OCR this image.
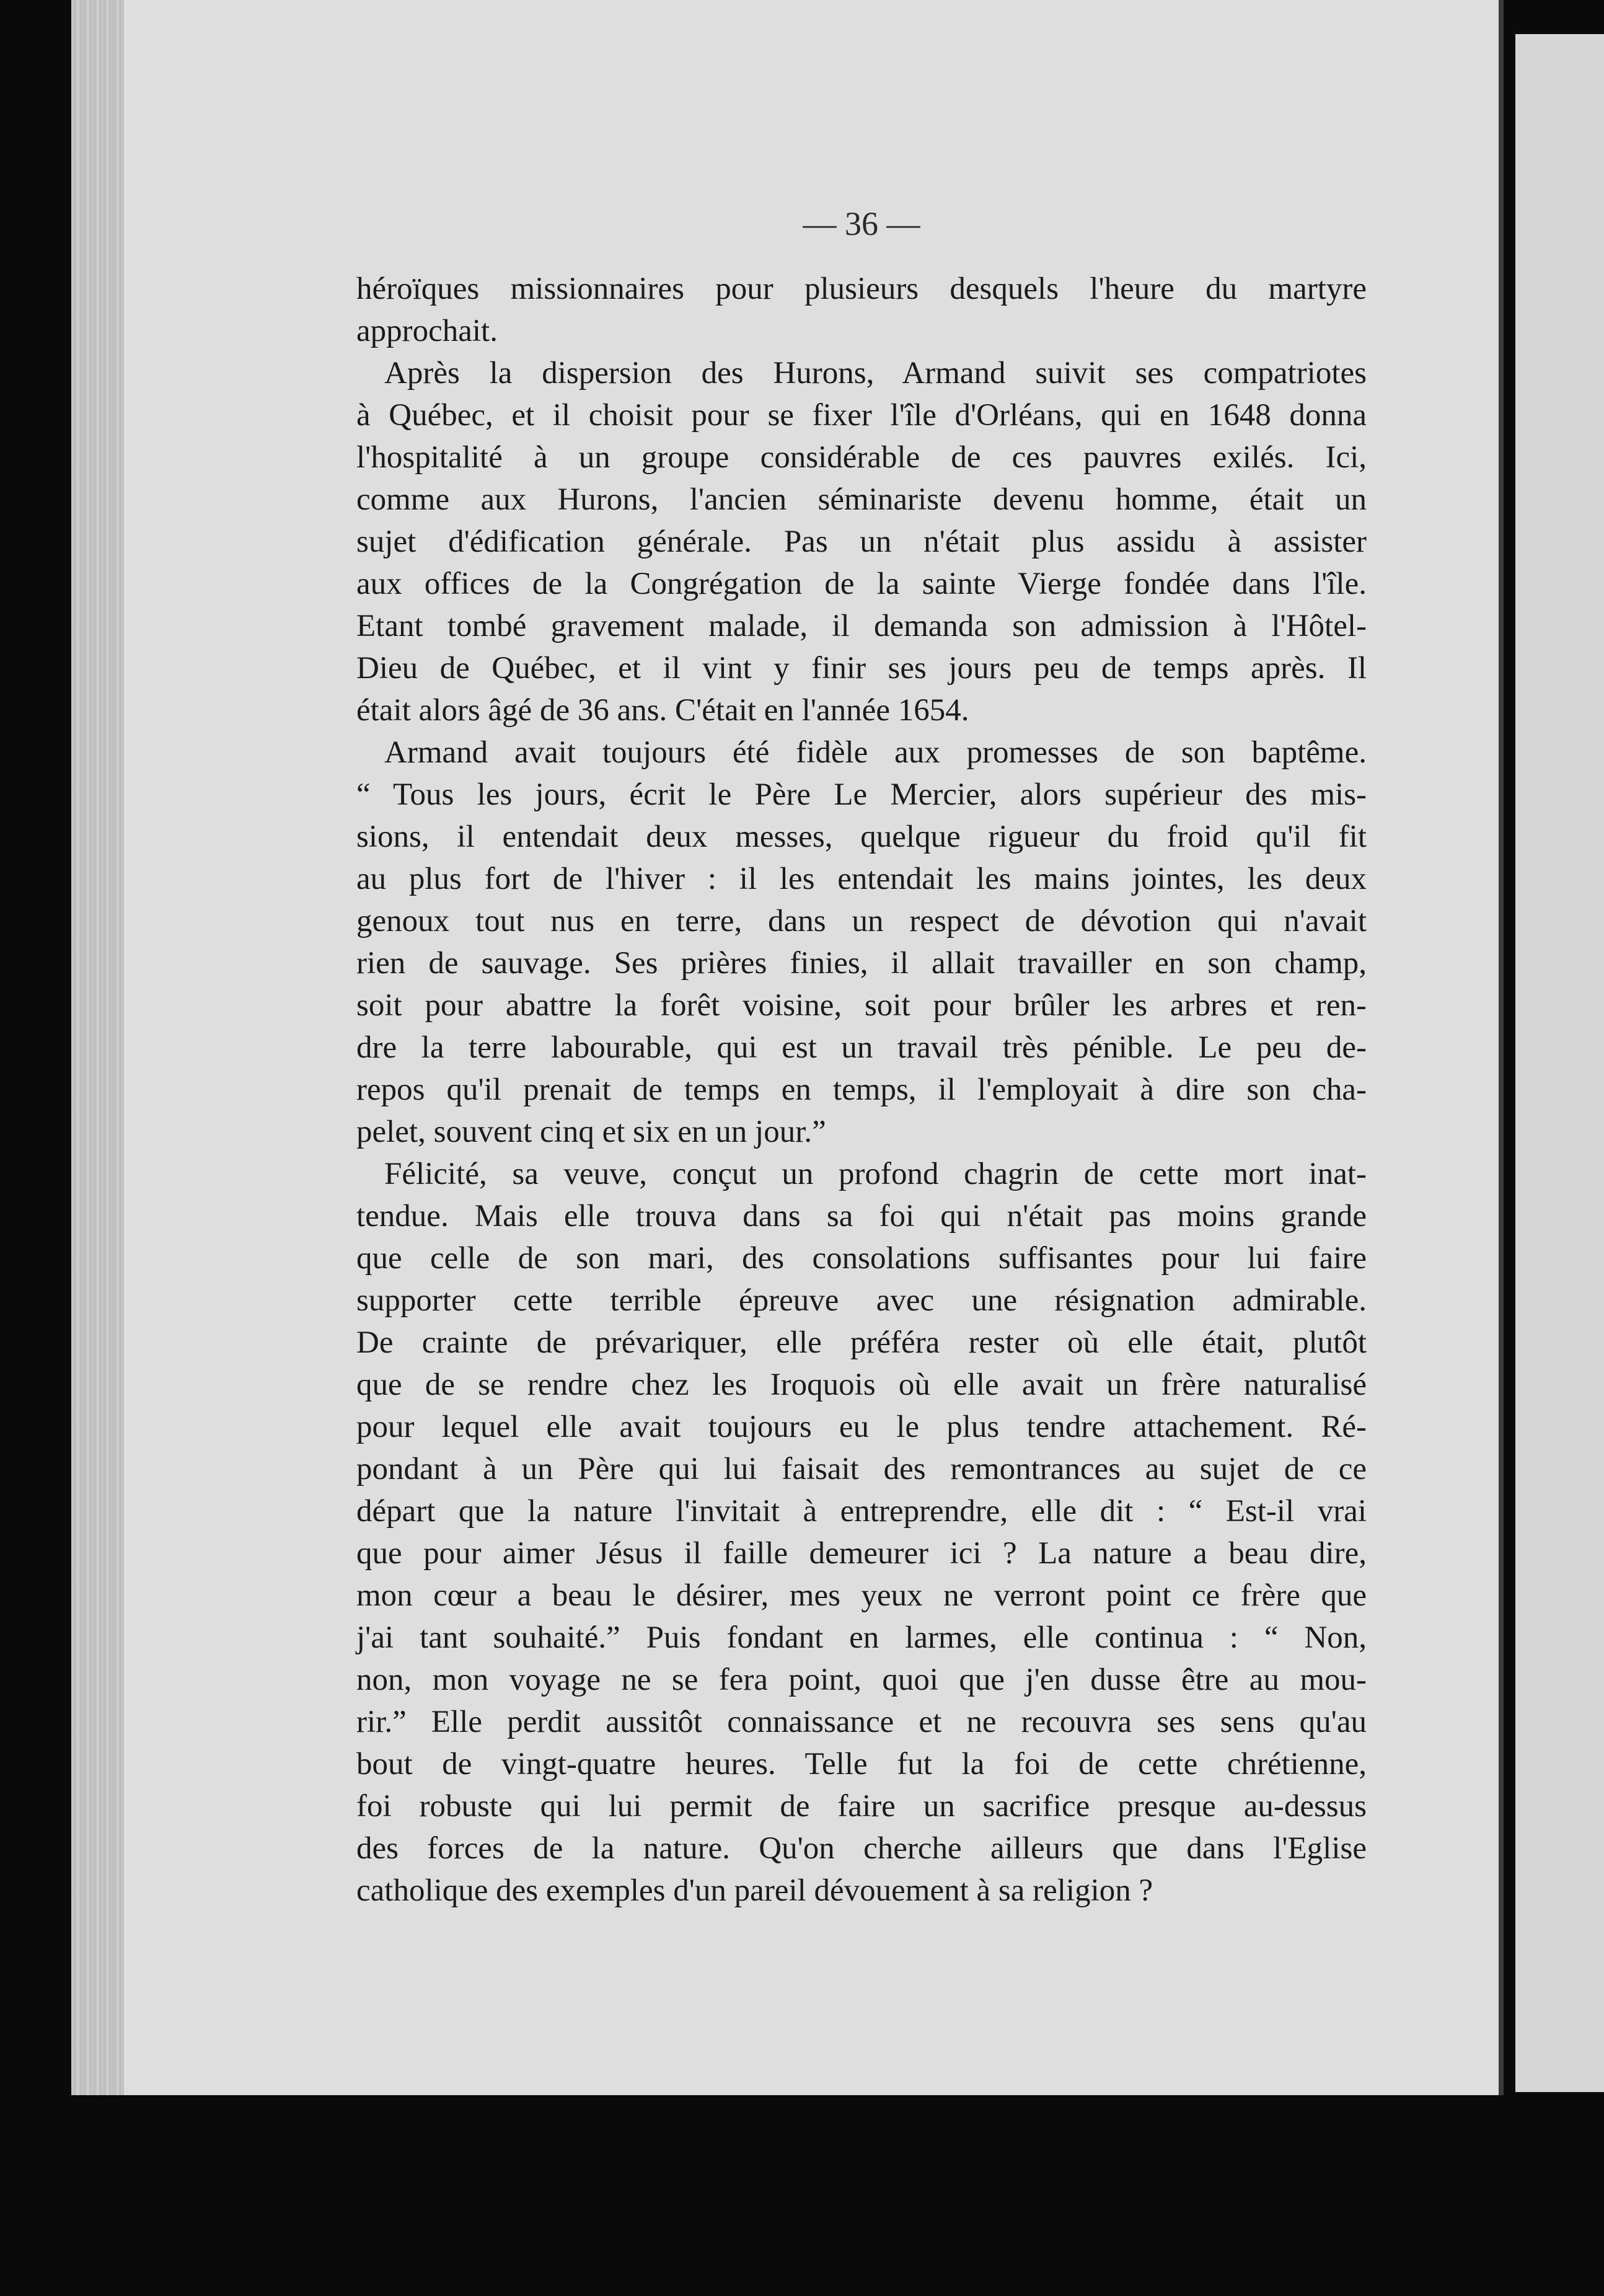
— 36 —
héroïques missionnaires pour plusieurs desquels l'heure du martyre
approchait.
Après la dispersion des Hurons, Armand suivit ses compatriotes
à Québec, et il choisit pour se fixer l'île d'Orléans, qui en 1648 donna
l'hospitalité à un groupe considérable de ces pauvres exilés. Ici,
comme aux Hurons, l'ancien séminariste devenu homme, était un
sujet d'édification générale. Pas un n'était plus assidu à assister
aux offices de la Congrégation de la sainte Vierge fondée dans l'île.
Etant tombé gravement malade, il demanda son admission à l'Hôtel-
Dieu de Québec, et il vint y finir ses jours peu de temps après. Il
était alors âgé de 36 ans. C'était en l'année 1654.
Armand avait toujours été fidèle aux promesses de son baptême.
“ Tous les jours, écrit le Père Le Mercier, alors supérieur des mis-
sions, il entendait deux messes, quelque rigueur du froid qu'il fit
au plus fort de l'hiver : il les entendait les mains jointes, les deux
genoux tout nus en terre, dans un respect de dévotion qui n'avait
rien de sauvage. Ses prières finies, il allait travailler en son champ,
soit pour abattre la forêt voisine, soit pour brûler les arbres et ren-
dre la terre labourable, qui est un travail très pénible. Le peu de-
repos qu'il prenait de temps en temps, il l'employait à dire son cha-
pelet, souvent cinq et six en un jour.”
Félicité, sa veuve, conçut un profond chagrin de cette mort inat-
tendue. Mais elle trouva dans sa foi qui n'était pas moins grande
que celle de son mari, des consolations suffisantes pour lui faire
supporter cette terrible épreuve avec une résignation admirable.
De crainte de prévariquer, elle préféra rester où elle était, plutôt
que de se rendre chez les Iroquois où elle avait un frère naturalisé
pour lequel elle avait toujours eu le plus tendre attachement. Ré-
pondant à un Père qui lui faisait des remontrances au sujet de ce
départ que la nature l'invitait à entreprendre, elle dit : “ Est-il vrai
que pour aimer Jésus il faille demeurer ici ? La nature a beau dire,
mon cœur a beau le désirer, mes yeux ne verront point ce frère que
j'ai tant souhaité.” Puis fondant en larmes, elle continua : “ Non,
non, mon voyage ne se fera point, quoi que j'en dusse être au mou-
rir.” Elle perdit aussitôt connaissance et ne recouvra ses sens qu'au
bout de vingt-quatre heures. Telle fut la foi de cette chrétienne,
foi robuste qui lui permit de faire un sacrifice presque au-dessus
des forces de la nature. Qu'on cherche ailleurs que dans l'Eglise
catholique des exemples d'un pareil dévouement à sa religion ?
